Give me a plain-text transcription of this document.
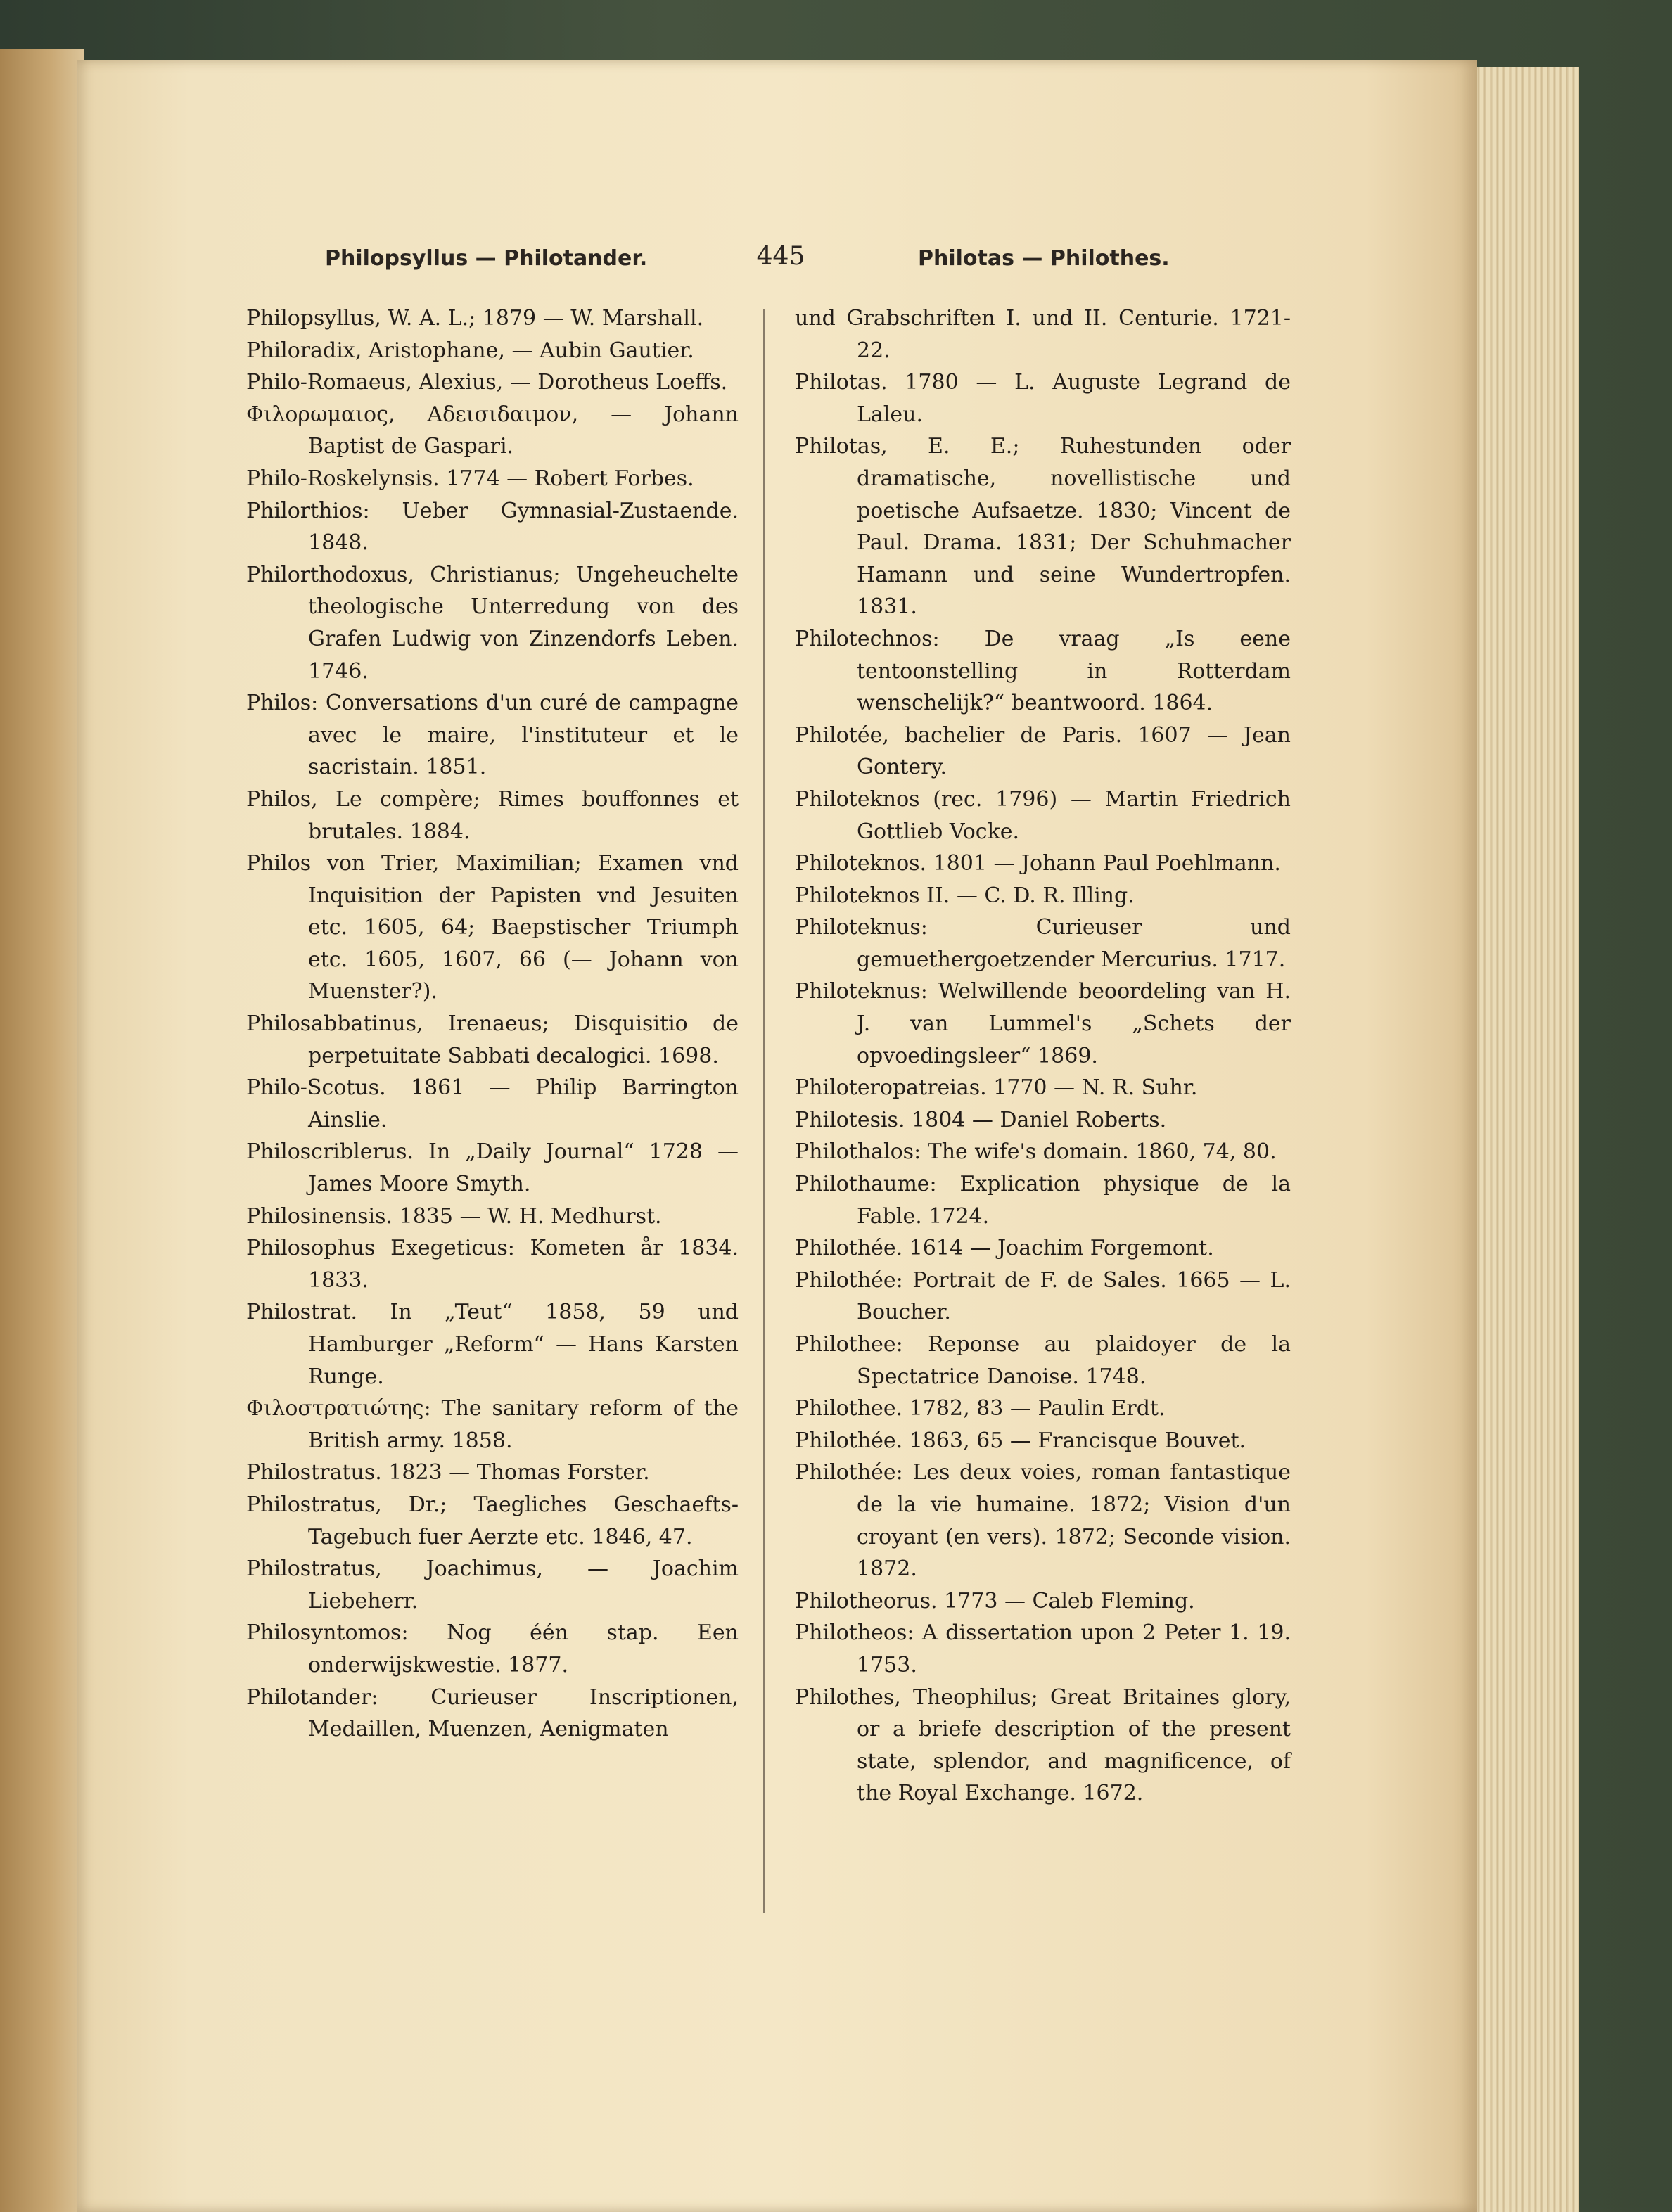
Philopsyllus — Philotander.	445	Philotas — Philothes.

Philopsyllus, W. A. L.; 1879 — W. Marshall.

Philoradix, Aristophane, — Aubin Gautier.

Philo-Romaeus, Alexius, — Dorotheus Loeffs.

Φιλορωμαιος, Αδεισιδαιμον, — Johann Baptist de Gaspari.

Philo-Roskelynsis. 1774 — Robert Forbes.

Philorthios: Ueber Gymnasial-Zustaende. 1848.

Philorthodoxus, Christianus; Ungeheuchelte theologische Unterredung von des Grafen Ludwig von Zinzendorfs Leben. 1746.

Philos: Conversations d'un curé de campagne avec le maire, l'instituteur et le sacristain. 1851.

Philos, Le compère; Rimes bouffonnes et brutales. 1884.

Philos von Trier, Maximilian; Examen vnd Inquisition der Papisten vnd Jesuiten etc. 1605, 64; Baepstischer Triumph etc. 1605, 1607, 66 (— Johann von Muenster?).

Philosabbatinus, Irenaeus; Disquisitio de perpetuitate Sabbati decalogici. 1698.

Philo-Scotus. 1861 — Philip Barrington Ainslie.

Philoscriblerus. In „Daily Journal“ 1728 — James Moore Smyth.

Philosinensis. 1835 — W. H. Medhurst.

Philosophus Exegeticus: Kometen år 1834. 1833.

Philostrat. In „Teut“ 1858, 59 und Hamburger „Reform“ — Hans Karsten Runge.

Φιλοστρατιώτης: The sanitary reform of the British army. 1858.

Philostratus. 1823 — Thomas Forster.

Philostratus, Dr.; Taegliches Geschaefts-Tagebuch fuer Aerzte etc. 1846, 47.

Philostratus, Joachimus, — Joachim Liebeherr.

Philosyntomos: Nog één stap. Een onderwijskwestie. 1877.

Philotander: Curieuser Inscriptionen, Medaillen, Muenzen, Aenigmaten

und Grabschriften I. und II. Centurie. 1721-22.

Philotas. 1780 — L. Auguste Legrand de Laleu.

Philotas, E. E.; Ruhestunden oder dramatische, novellistische und poetische Aufsaetze. 1830; Vincent de Paul. Drama. 1831; Der Schuhmacher Hamann und seine Wundertropfen. 1831.

Philotechnos: De vraag „Is eene tentoonstelling in Rotterdam wenschelijk?“ beantwoord. 1864.

Philotée, bachelier de Paris. 1607 — Jean Gontery.

Philoteknos (rec. 1796) — Martin Friedrich Gottlieb Vocke.

Philoteknos. 1801 — Johann Paul Poehlmann.

Philoteknos II. — C. D. R. Illing.

Philoteknus: Curieuser und gemuethergoetzender Mercurius. 1717.

Philoteknus: Welwillende beoordeling van H. J. van Lummel's „Schets der opvoedingsleer“ 1869.

Philoteropatreias. 1770 — N. R. Suhr.

Philotesis. 1804 — Daniel Roberts.

Philothalos: The wife's domain. 1860, 74, 80.

Philothaume: Explication physique de la Fable. 1724.

Philothée. 1614 — Joachim Forgemont.

Philothée: Portrait de F. de Sales. 1665 — L. Boucher.

Philothee: Reponse au plaidoyer de la Spectatrice Danoise. 1748.

Philothee. 1782, 83 — Paulin Erdt.

Philothée. 1863, 65 — Francisque Bouvet.

Philothée: Les deux voies, roman fantastique de la vie humaine. 1872; Vision d'un croyant (en vers). 1872; Seconde vision. 1872.

Philotheorus. 1773 — Caleb Fleming.

Philotheos: A dissertation upon 2 Peter 1. 19. 1753.

Philothes, Theophilus; Great Britaines glory, or a briefe description of the present state, splendor, and magnificence, of the Royal Exchange. 1672.
